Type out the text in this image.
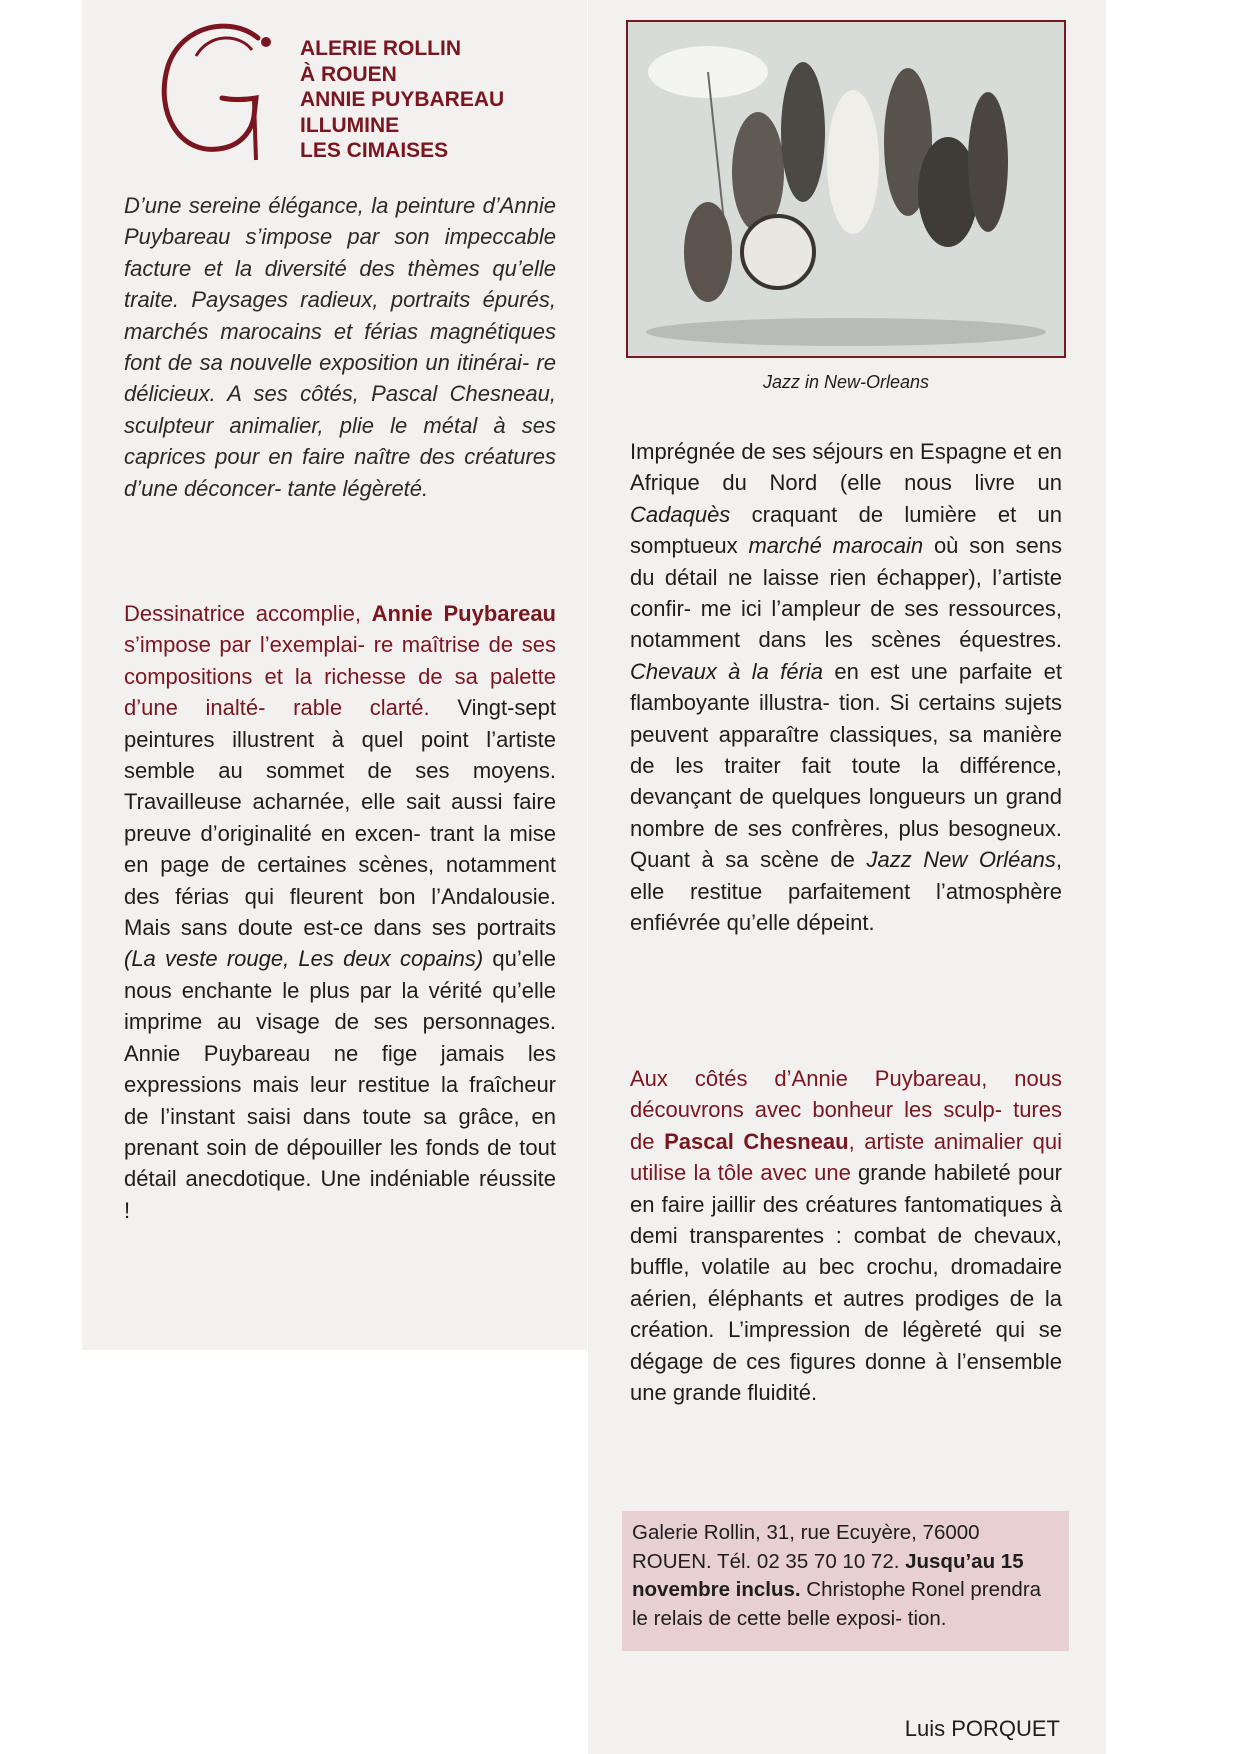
G
ALERIE ROLLIN
À ROUEN
ANNIE PUYBAREAU
ILLUMINE
LES CIMAISES

D’une sereine élégance, la peinture d’Annie Puybareau s’impose par son impeccable facture et la diversité des thèmes qu’elle traite. Paysages radieux, portraits épurés, marchés marocains et férias magnétiques font de sa nouvelle exposition un itinérai- re délicieux. A ses côtés, Pascal Chesneau, sculpteur animalier, plie le métal à ses caprices pour en faire naître des créatures d’une déconcer- tante légèreté.

Dessinatrice accomplie, Annie Puybareau s’impose par l’exemplai- re maîtrise de ses compositions et la richesse de sa palette d’une inalté- rable clarté. Vingt-sept peintures illustrent à quel point l’artiste semble au sommet de ses moyens. Travailleuse acharnée, elle sait aussi faire preuve d’originalité en excen- trant la mise en page de certaines scènes, notamment des férias qui fleurent bon l’Andalousie. Mais sans doute est-ce dans ses portraits (La veste rouge, Les deux copains) qu’elle nous enchante le plus par la vérité qu’elle imprime au visage de ses personnages. Annie Puybareau ne fige jamais les expressions mais leur restitue la fraîcheur de l’instant saisi dans toute sa grâce, en prenant soin de dépouiller les fonds de tout détail anecdotique. Une indéniable réussite !

Jazz in New-Orleans

Imprégnée de ses séjours en Espagne et en Afrique du Nord (elle nous livre un Cadaquès craquant de lumière et un somptueux marché marocain où son sens du détail ne laisse rien échapper), l’artiste confir- me ici l’ampleur de ses ressources, notamment dans les scènes équestres. Chevaux à la féria en est une parfaite et flamboyante illustra- tion. Si certains sujets peuvent apparaître classiques, sa manière de les traiter fait toute la différence, devançant de quelques longueurs un grand nombre de ses confrères, plus besogneux. Quant à sa scène de Jazz New Orléans, elle restitue parfaitement l’atmosphère enfiévrée qu’elle dépeint.

Aux côtés d’Annie Puybareau, nous découvrons avec bonheur les sculp- tures de Pascal Chesneau, artiste animalier qui utilise la tôle avec une grande habileté pour en faire jaillir des créatures fantomatiques à demi transparentes : combat de chevaux, buffle, volatile au bec crochu, dromadaire aérien, éléphants et autres prodiges de la création. L’impression de légèreté qui se dégage de ces figures donne à l’ensemble une grande fluidité.

Galerie Rollin, 31, rue Ecuyère, 76000 ROUEN. Tél. 02 35 70 10 72. Jusqu’au 15 novembre inclus. Christophe Ronel prendra le relais de cette belle exposi- tion.

Luis PORQUET
